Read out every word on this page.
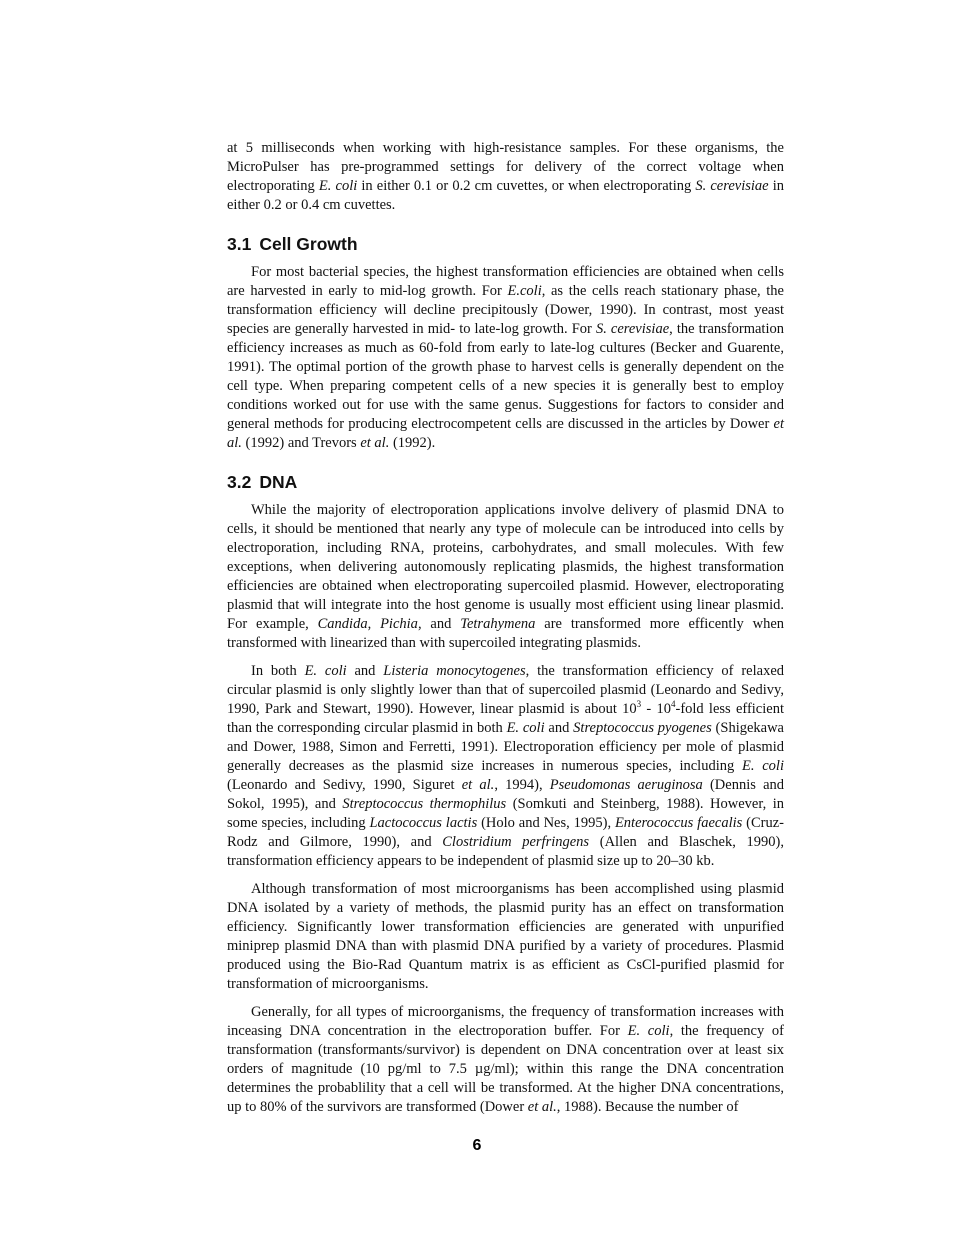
at 5 milliseconds when working with high-resistance samples. For these organisms, the MicroPulser has pre-programmed settings for delivery of the correct voltage when electroporating E. coli in either 0.1 or 0.2 cm cuvettes, or when electroporating S. cerevisiae in either 0.2 or 0.4 cm cuvettes.

3.1 Cell Growth

For most bacterial species, the highest transformation efficiencies are obtained when cells are harvested in early to mid-log growth. For E.coli, as the cells reach stationary phase, the transformation efficiency will decline precipitously (Dower, 1990). In contrast, most yeast species are generally harvested in mid- to late-log growth. For S. cerevisiae, the transformation efficiency increases as much as 60-fold from early to late-log cultures (Becker and Guarente, 1991). The optimal portion of the growth phase to harvest cells is generally dependent on the cell type. When preparing competent cells of a new species it is generally best to employ conditions worked out for use with the same genus. Suggestions for factors to consider and general methods for producing electrocompetent cells are discussed in the articles by Dower et al. (1992) and Trevors et al. (1992).

3.2 DNA

While the majority of electroporation applications involve delivery of plasmid DNA to cells, it should be mentioned that nearly any type of molecule can be introduced into cells by electroporation, including RNA, proteins, carbohydrates, and small molecules. With few exceptions, when delivering autonomously replicating plasmids, the highest transformation efficiencies are obtained when electroporating supercoiled plasmid. However, electroporating plasmid that will integrate into the host genome is usually most efficient using linear plasmid. For example, Candida, Pichia, and Tetrahymena are transformed more efficently when transformed with linearized than with supercoiled integrating plasmids.

In both E. coli and Listeria monocytogenes, the transformation efficiency of relaxed circular plasmid is only slightly lower than that of supercoiled plasmid (Leonardo and Sedivy, 1990, Park and Stewart, 1990). However, linear plasmid is about $10^3$ - $10^4$-fold less efficient than the corresponding circular plasmid in both E. coli and Streptococcus pyogenes (Shigekawa and Dower, 1988, Simon and Ferretti, 1991). Electroporation efficiency per mole of plasmid generally decreases as the plasmid size increases in numerous species, including E. coli (Leonardo and Sedivy, 1990, Siguret et al., 1994), Pseudomonas aeruginosa (Dennis and Sokol, 1995), and Streptococcus thermophilus (Somkuti and Steinberg, 1988). However, in some species, including Lactococcus lactis (Holo and Nes, 1995), Enterococcus faecalis (Cruz-Rodz and Gilmore, 1990), and Clostridium perfringens (Allen and Blaschek, 1990), transformation efficiency appears to be independent of plasmid size up to 20–30 kb.

Although transformation of most microorganisms has been accomplished using plasmid DNA isolated by a variety of methods, the plasmid purity has an effect on transformation efficiency. Significantly lower transformation efficiencies are generated with unpurified miniprep plasmid DNA than with plasmid DNA purified by a variety of procedures. Plasmid produced using the Bio-Rad Quantum matrix is as efficient as CsCl-purified plasmid for transformation of microorganisms.

Generally, for all types of microorganisms, the frequency of transformation increases with inceasing DNA concentration in the electroporation buffer. For E. coli, the frequency of transformation (transformants/survivor) is dependent on DNA concentration over at least six orders of magnitude (10 pg/ml to 7.5 µg/ml); within this range the DNA concentration determines the probablility that a cell will be transformed. At the higher DNA concentrations, up to 80% of the survivors are transformed (Dower et al., 1988). Because the number of

6
